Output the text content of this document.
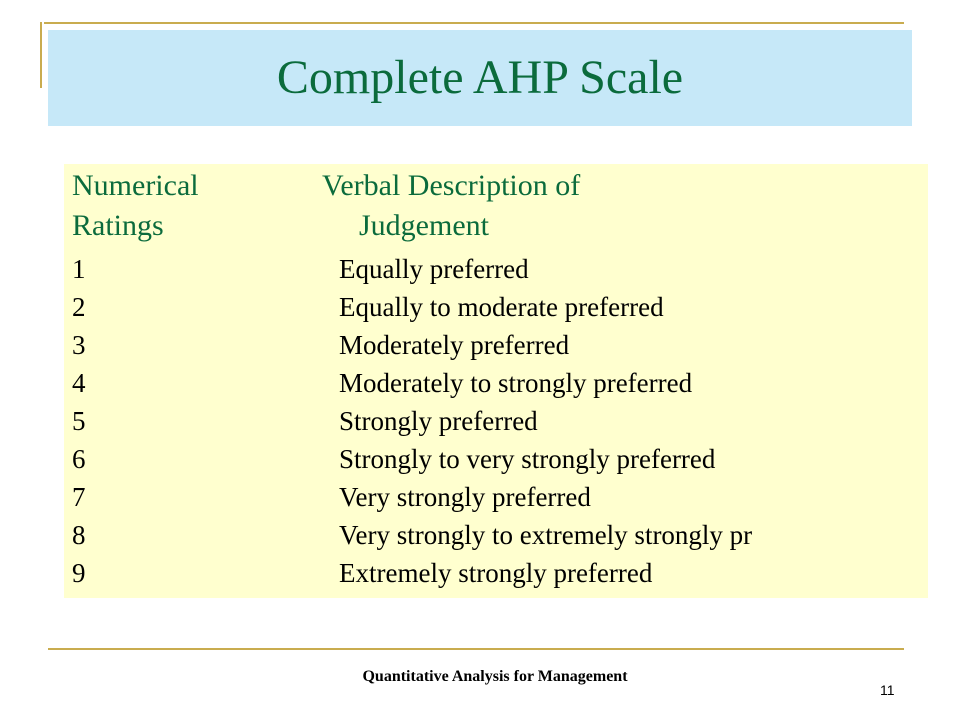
Complete AHP Scale
Numerical	Verbal Description of
Ratings	Judgement
1	Equally preferred
2	Equally to moderate preferred
3	Moderately preferred
4	Moderately to strongly preferred
5	Strongly preferred
6	Strongly to very strongly preferred
7	Very strongly preferred
8	Very strongly to extremely strongly pr
9	Extremely strongly preferred
Quantitative Analysis for Management
11
